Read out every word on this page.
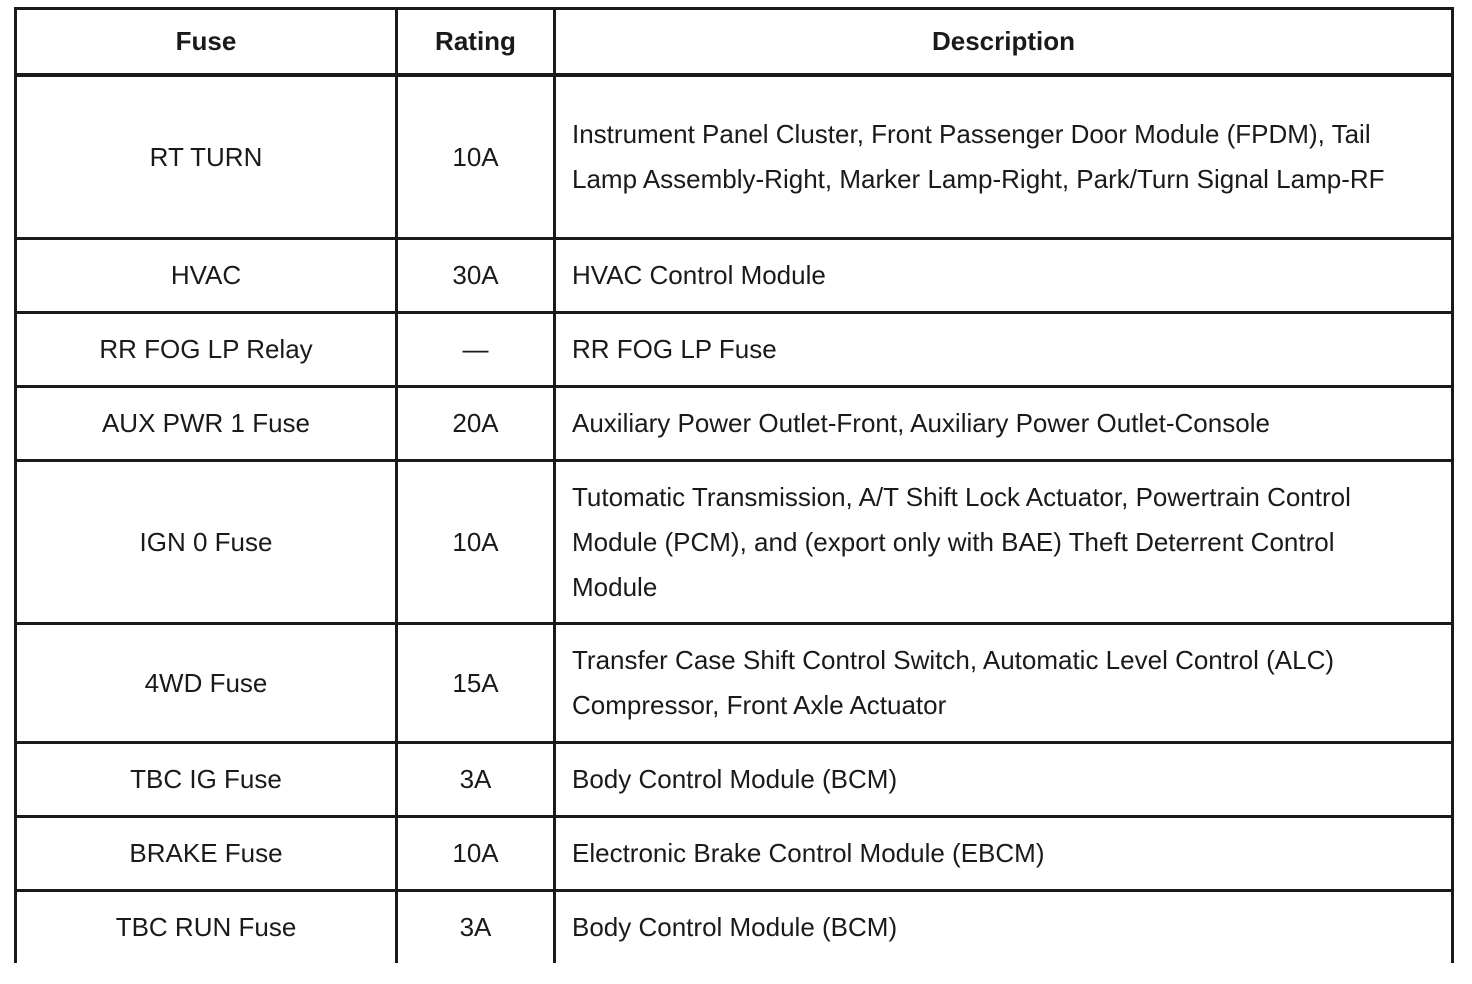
Fuse	Rating	Description
RT TURN	10A	Instrument Panel Cluster, Front Passenger Door Module (FPDM), Tail Lamp Assembly-Right, Marker Lamp-Right, Park/Turn Signal Lamp-RF
HVAC	30A	HVAC Control Module
RR FOG LP Relay	—	RR FOG LP Fuse
AUX PWR 1 Fuse	20A	Auxiliary Power Outlet-Front, Auxiliary Power Outlet-Console
IGN 0 Fuse	10A	Tutomatic Transmission, A/T Shift Lock Actuator, Powertrain Control Module (PCM), and (export only with BAE) Theft Deterrent Control Module
4WD Fuse	15A	Transfer Case Shift Control Switch, Automatic Level Control (ALC) Compressor, Front Axle Actuator
TBC IG Fuse	3A	Body Control Module (BCM)
BRAKE Fuse	10A	Electronic Brake Control Module (EBCM)
TBC RUN Fuse	3A	Body Control Module (BCM)
